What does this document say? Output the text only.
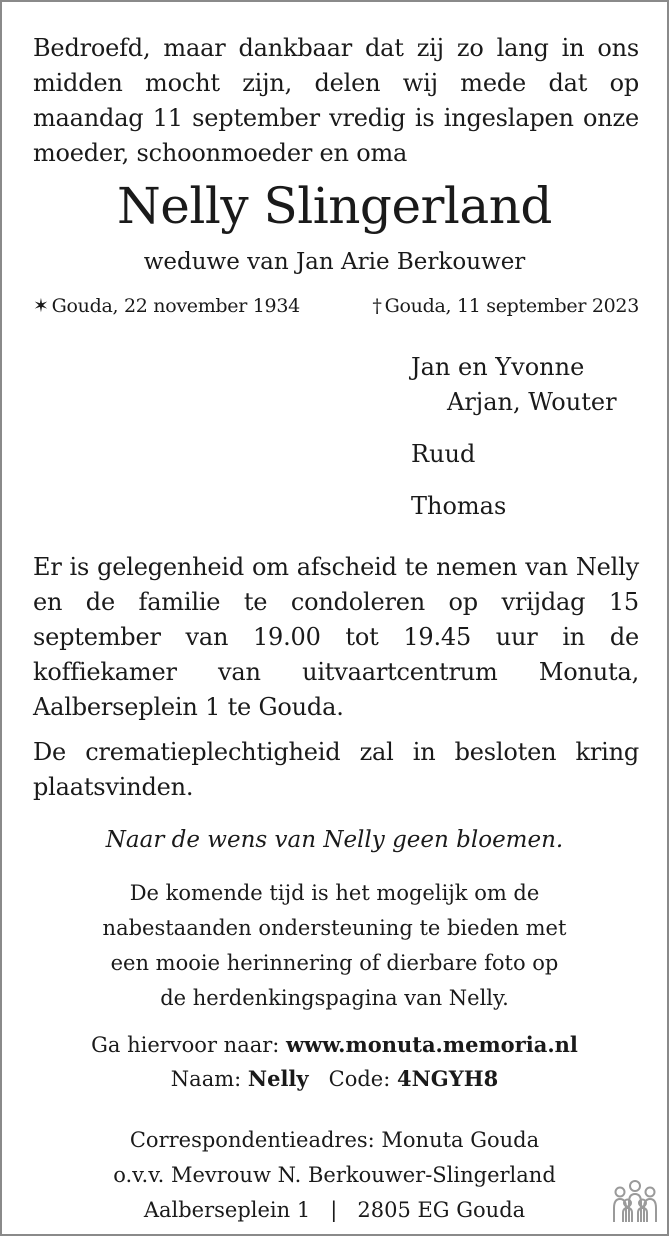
Bedroefd, maar dankbaar dat zij zo lang in ons midden mocht zijn, delen wij mede dat op maandag 11 september vredig is ingeslapen onze moeder, schoonmoeder en oma
Nelly Slingerland
weduwe van Jan Arie Berkouwer
✶ Gouda, 22 november 1934	† Gouda, 11 september 2023
Jan en Yvonne
Arjan, Wouter
Ruud
Thomas
Er is gelegenheid om afscheid te nemen van Nelly en de familie te condoleren op vrijdag 15 september van 19.00 tot 19.45 uur in de koffiekamer van uitvaartcentrum Monuta, Aalberseplein 1 te Gouda.
De crematieplechtigheid zal in besloten kring plaatsvinden.
Naar de wens van Nelly geen bloemen.
De komende tijd is het mogelijk om de
nabestaanden ondersteuning te bieden met
een mooie herinnering of dierbare foto op
de herdenkingspagina van Nelly.
Ga hiervoor naar: www.monuta.memoria.nl
Naam: Nelly Code: 4NGYH8
Correspondentieadres: Monuta Gouda
o.v.v. Mevrouw N. Berkouwer-Slingerland
Aalberseplein 1 | 2805 EG Gouda
